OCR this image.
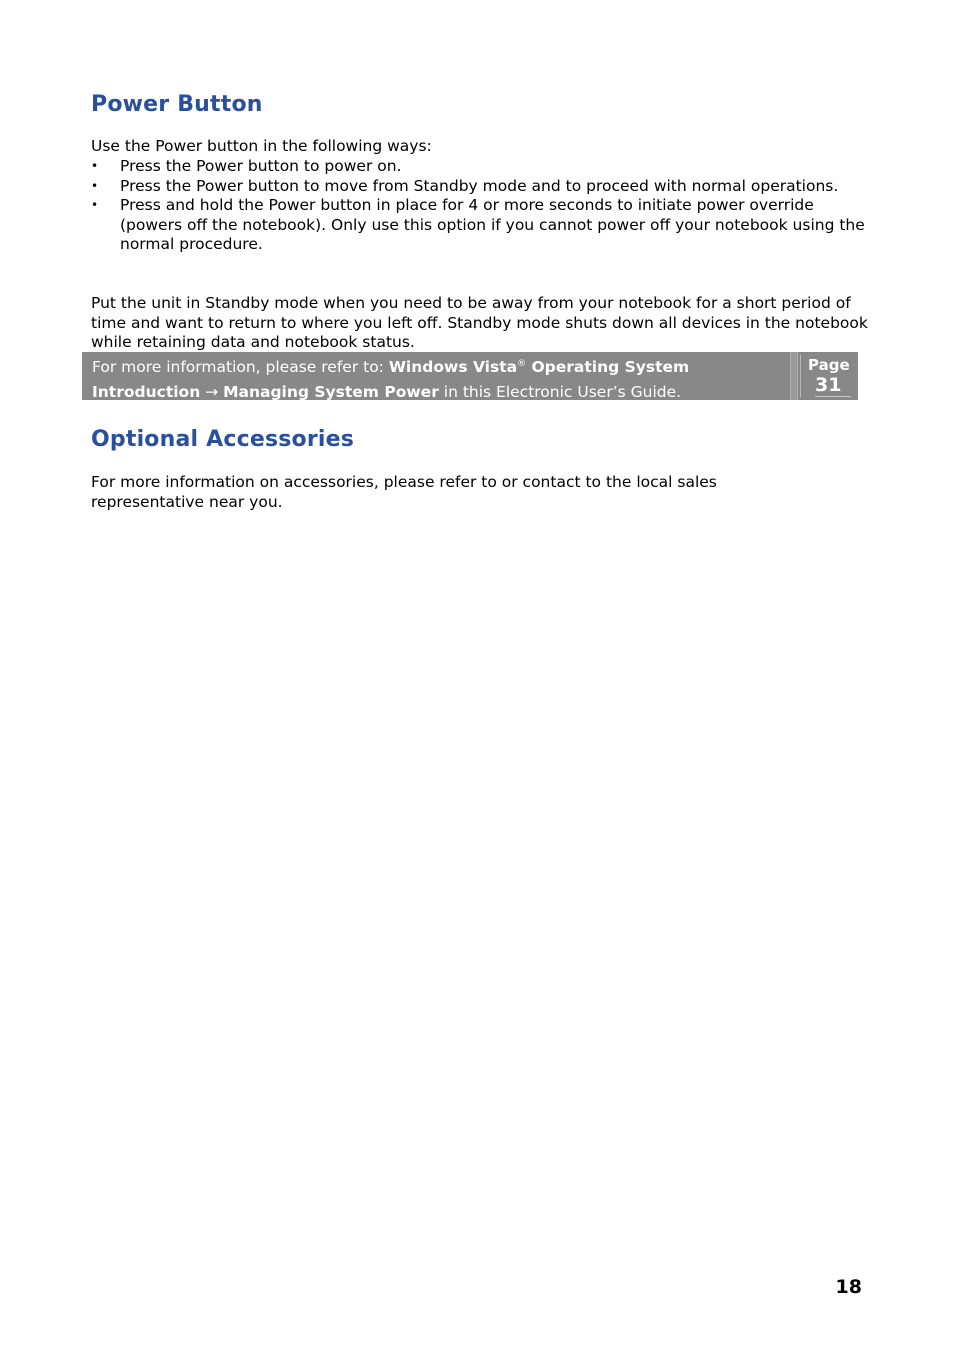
Power Button

Use the Power button in the following ways:

• Press the Power button to power on.
• Press the Power button to move from Standby mode and to proceed with normal operations.
• Press and hold the Power button in place for 4 or more seconds to initiate power override (powers off the notebook). Only use this option if you cannot power off your notebook using the normal procedure.

Put the unit in Standby mode when you need to be away from your notebook for a short period of time and want to return to where you left off. Standby mode shuts down all devices in the notebook while retaining data and notebook status.

For more information, please refer to: Windows Vista® Operating System Introduction → Managing System Power in this Electronic User’s Guide.
Page
31
Optional Accessories

For more information on accessories, please refer to or contact to the local sales representative near you.

18
